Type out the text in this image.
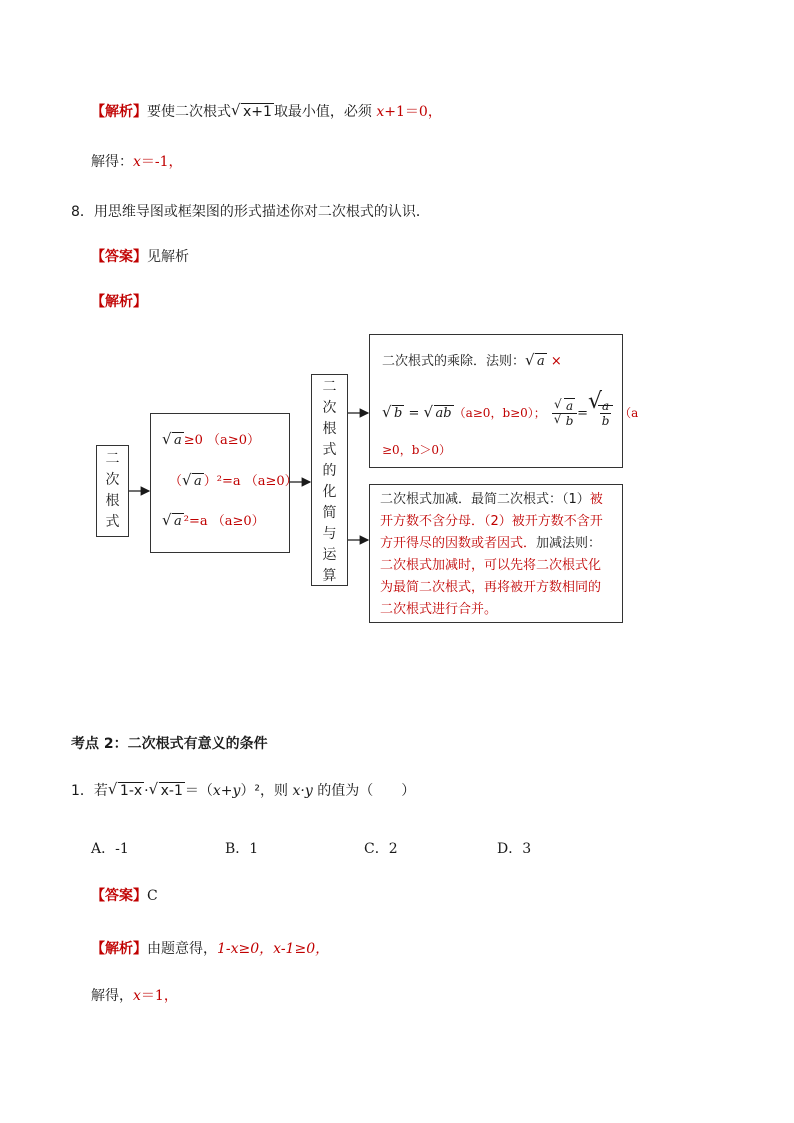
【解析】要使二次根式 √ x+1 取最小值，必须 x+1＝0，
解得：x＝-1，
8．用思维导图或框架图的形式描述你对二次根式的认识．
【答案】见解析
【解析】
二
次
根
式
√ a ≥0 （a≥0）
（ √ a ）²=a （a≥0）
√ a ²=a （a≥0）
二
次
根
式
的
化
简
与
运
算
二次根式的乘除．法则： √ a ×
√ b = √ ab （a≥0，b≥0）； $\frac{√ a}{√ b}$ = √
$\frac{a}{b} (a$
≥0，b＞0）
二次根式加减．最简二次根式：（1）被
开方数不含分母．（2）被开方数不含开
方开得尽的因数或者因式．加减法则：
二次根式加减时，可以先将二次根式化
为最简二次根式，再将被开方数相同的
二次根式进行合并。
考点 2：二次根式有意义的条件
1．若 √ 1-x · √ x-1 ＝（x+y）²，则 x·y 的值为（　　）
A．-1	B．1	C．2	D．3
【答案】C
【解析】由题意得，1-x≥0，x-1≥0，
解得，x＝1，
